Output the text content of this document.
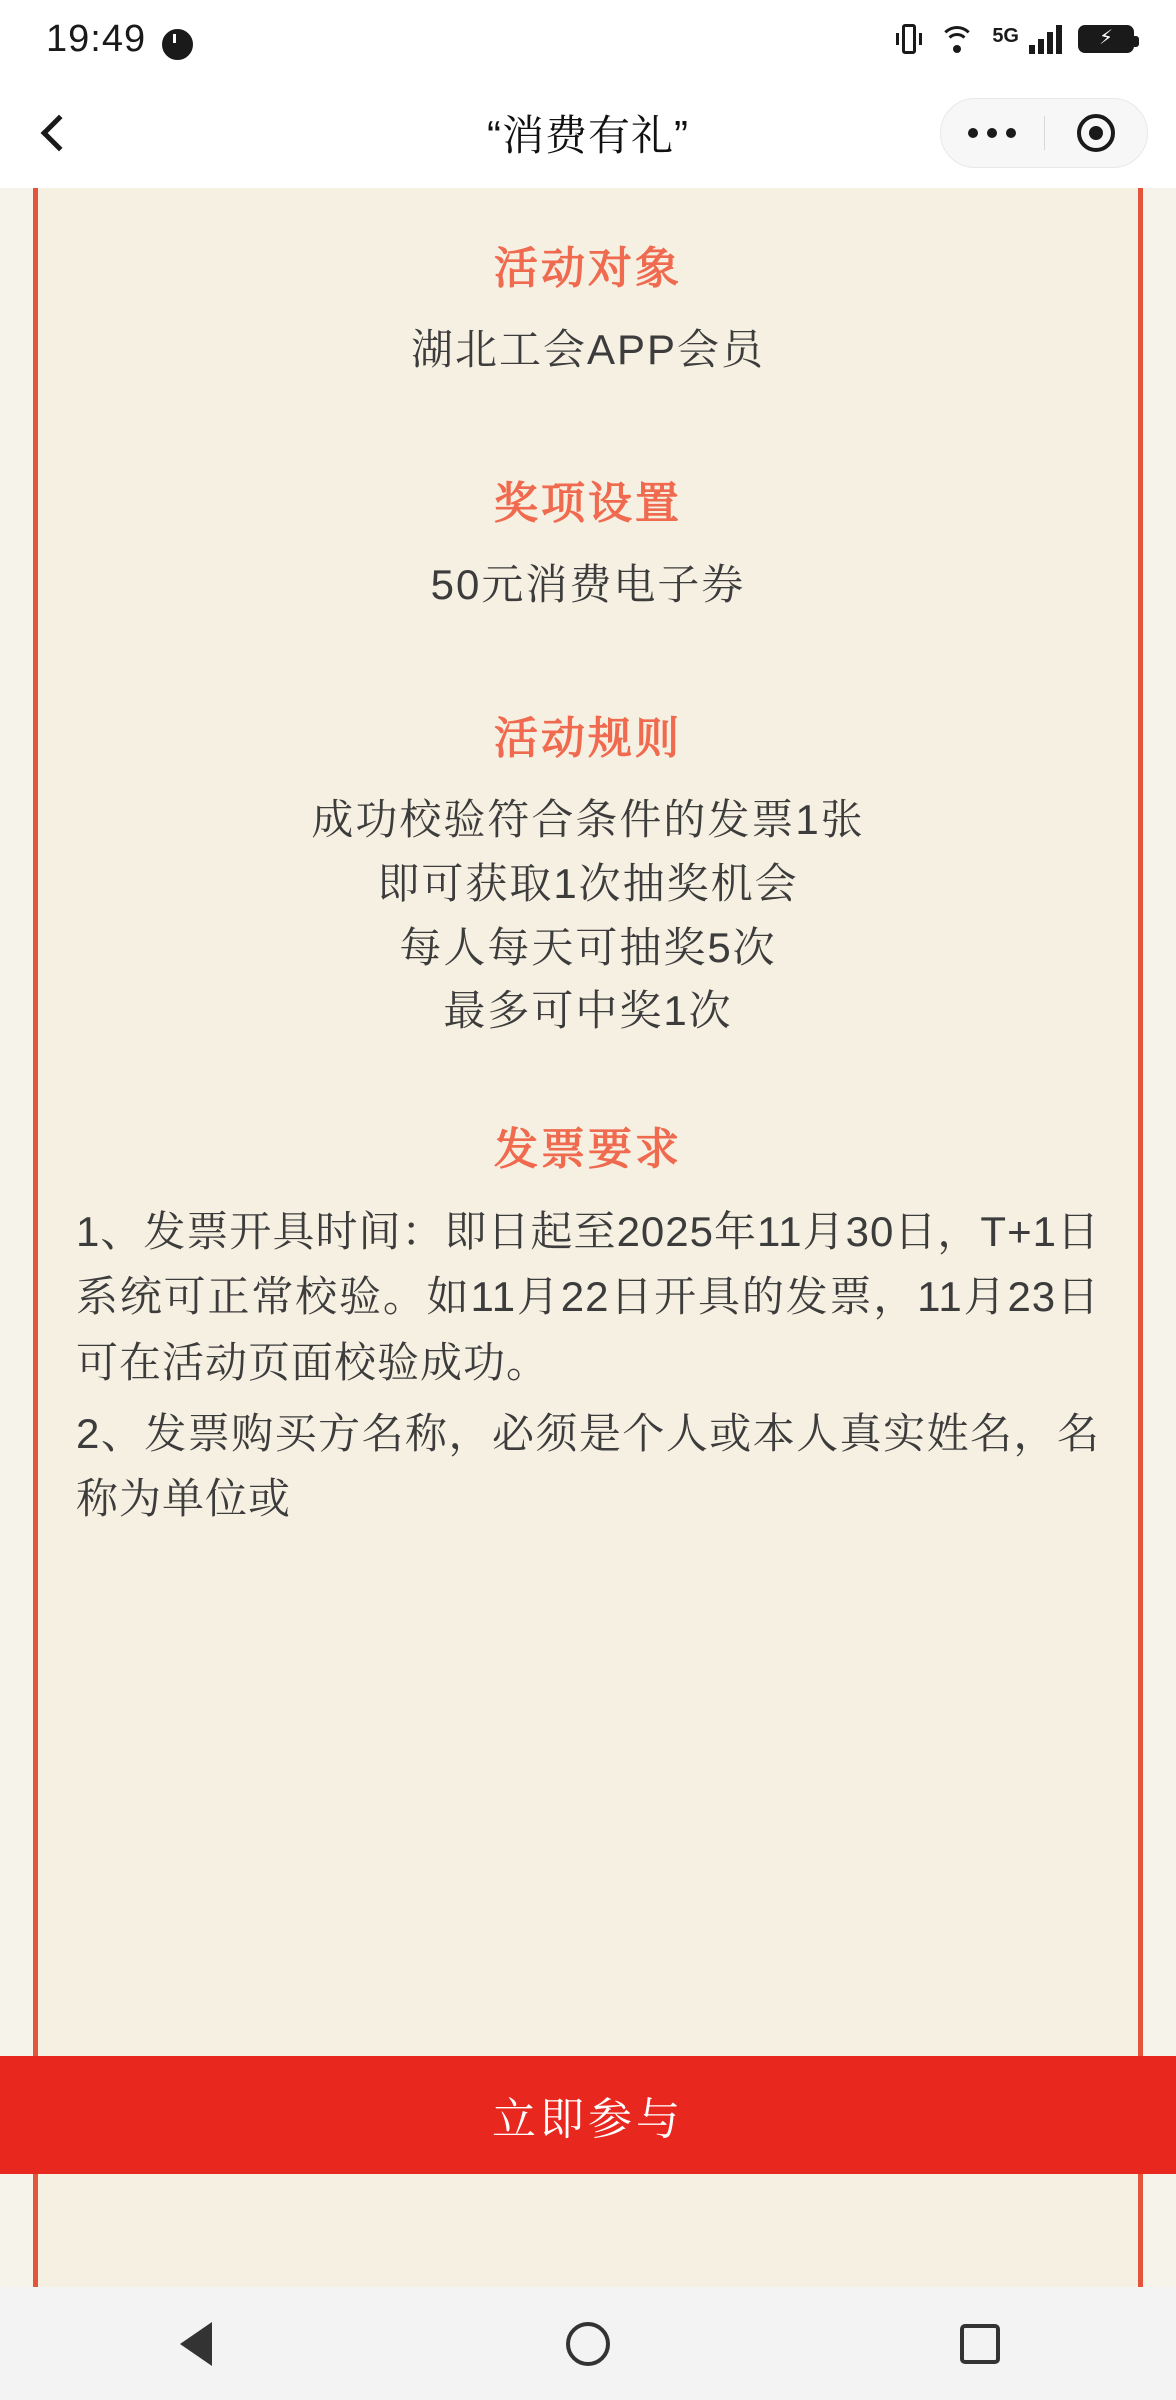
19:49	5G	⚡
“消费有礼”
活动对象
湖北工会APP会员
奖项设置
50元消费电子券
活动规则
成功校验符合条件的发票1张
即可获取1次抽奖机会
每人每天可抽奖5次
最多可中奖1次
发票要求
1、发票开具时间：即日起至2025年11月30日，T+1日系统可正常校验。如11月22日开具的发票，11月23日可在活动页面校验成功。
2、发票购买方名称，必须是个人或本人真实姓名，名称为单位或
立即参与
